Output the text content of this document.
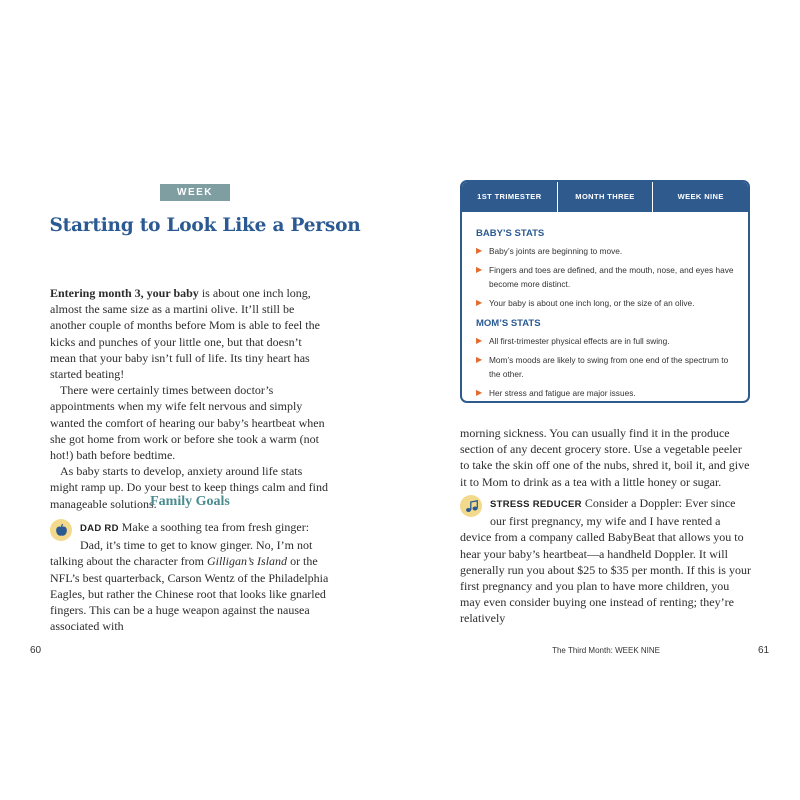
WEEK NINE
Starting to Look Like a Person

Entering month 3, your baby is about one inch long, almost the same size as a martini olive. It’ll still be another couple of months before Mom is able to feel the kicks and punches of your little one, but that doesn’t mean that your baby isn’t full of life. Its tiny heart has started beating!

There were certainly times between doctor’s appointments when my wife felt nervous and simply wanted the comfort of hearing our baby’s heartbeat when she got home from work or before she took a warm (not hot!) bath before bedtime.

As baby starts to develop, anxiety around life stats might ramp up. Do your best to keep things calm and find manageable solutions.

Family Goals

DAD RD Make a soothing tea from fresh ginger: Dad, it’s time to get to know ginger. No, I’m not talking about the character from Gilligan’s Island or the NFL’s best quarterback, Carson Wentz of the Philadelphia Eagles, but rather the Chinese root that looks like gnarled fingers. This can be a huge weapon against the nausea associated with

60
1ST TRIMESTER	MONTH THREE	WEEK NINE
BABY’S STATS
▶ Baby’s joints are beginning to move.
▶ Fingers and toes are defined, and the mouth, nose, and eyes have become more distinct.
▶ Your baby is about one inch long, or the size of an olive.
MOM’S STATS
▶ All first-trimester physical effects are in full swing.
▶ Mom’s moods are likely to swing from one end of the spectrum to the other.
▶ Her stress and fatigue are major issues.

morning sickness. You can usually find it in the produce section of any decent grocery store. Use a vegetable peeler to take the skin off one of the nubs, shred it, boil it, and give it to Mom to drink as a tea with a little honey or sugar.

STRESS REDUCER Consider a Doppler: Ever since our first pregnancy, my wife and I have rented a device from a company called BabyBeat that allows you to hear your baby’s heartbeat—a handheld Doppler. It will generally run you about $25 to $35 per month. If this is your first pregnancy and you plan to have more children, you may even consider buying one instead of renting; they’re relatively

The Third Month: WEEK NINE	61
